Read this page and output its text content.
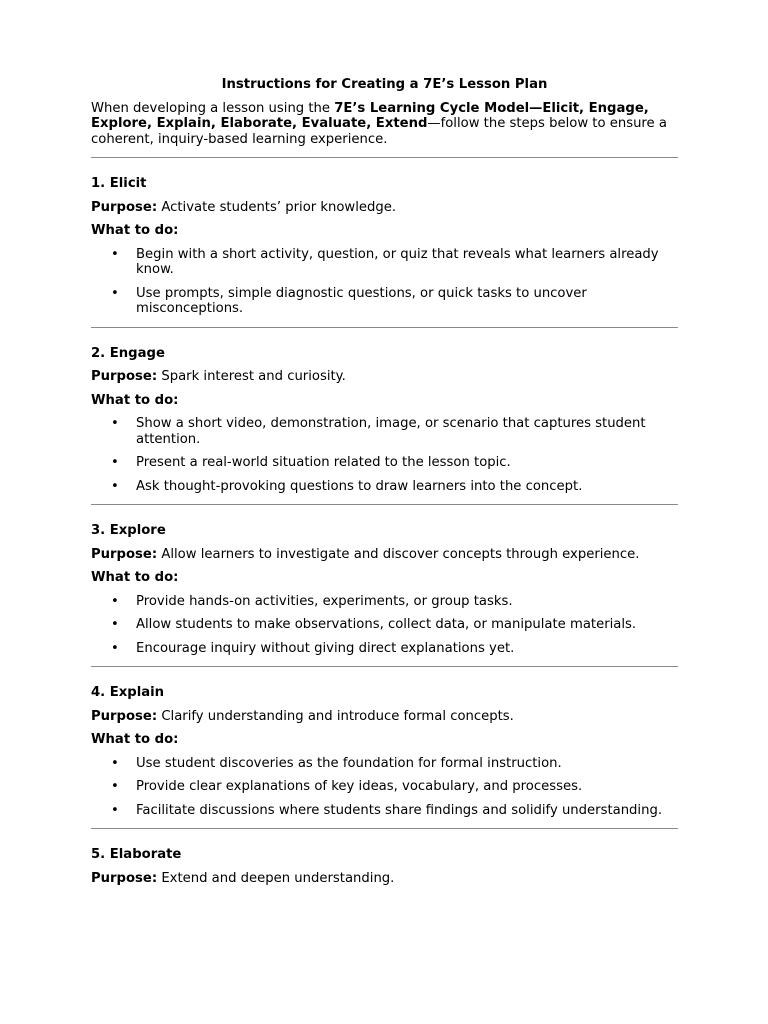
Instructions for Creating a 7E’s Lesson Plan

When developing a lesson using the 7E’s Learning Cycle Model—Elicit, Engage, Explore, Explain, Elaborate, Evaluate, Extend—follow the steps below to ensure a coherent, inquiry-based learning experience.

1. Elicit

Purpose: Activate students’ prior knowledge.

What to do:

• Begin with a short activity, question, or quiz that reveals what learners already know.
• Use prompts, simple diagnostic questions, or quick tasks to uncover misconceptions.
2. Engage

Purpose: Spark interest and curiosity.

What to do:

• Show a short video, demonstration, image, or scenario that captures student attention.
• Present a real-world situation related to the lesson topic.
• Ask thought-provoking questions to draw learners into the concept.
3. Explore

Purpose: Allow learners to investigate and discover concepts through experience.

What to do:

• Provide hands-on activities, experiments, or group tasks.
• Allow students to make observations, collect data, or manipulate materials.
• Encourage inquiry without giving direct explanations yet.
4. Explain

Purpose: Clarify understanding and introduce formal concepts.

What to do:

• Use student discoveries as the foundation for formal instruction.
• Provide clear explanations of key ideas, vocabulary, and processes.
• Facilitate discussions where students share findings and solidify understanding.
5. Elaborate

Purpose: Extend and deepen understanding.
